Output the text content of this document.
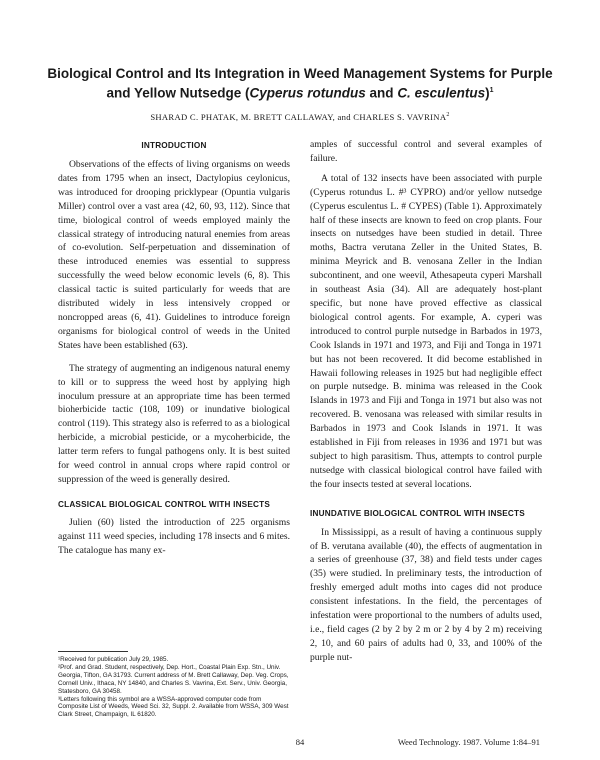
Biological Control and Its Integration in Weed Management Systems for Purple
and Yellow Nutsedge (Cyperus rotundus and C. esculentus)$^1$
SHARAD C. PHATAK, M. BRETT CALLAWAY, and CHARLES S. VAVRINA$^2$
INTRODUCTION

Observations of the effects of living organisms on weeds dates from 1795 when an insect, Dactylopius ceylonicus, was introduced for drooping pricklypear (Opuntia vulgaris Miller) control over a vast area (42, 60, 93, 112). Since that time, biological control of weeds employed mainly the classical strategy of introducing natural enemies from areas of co-evolution. Self-perpetuation and dissemination of these introduced enemies was essential to suppress successfully the weed below economic levels (6, 8). This classical tactic is suited particularly for weeds that are distributed widely in less intensively cropped or noncropped areas (6, 41). Guidelines to introduce foreign organisms for biological control of weeds in the United States have been established (63).

The strategy of augmenting an indigenous natural enemy to kill or to suppress the weed host by applying high inoculum pressure at an appropriate time has been termed bioherbicide tactic (108, 109) or inundative biological control (119). This strategy also is referred to as a biological herbicide, a microbial pesticide, or a mycoherbicide, the latter term refers to fungal pathogens only. It is best suited for weed control in annual crops where rapid control or suppression of the weed is generally desired.

CLASSICAL BIOLOGICAL CONTROL WITH INSECTS

Julien (60) listed the introduction of 225 organisms against 111 weed species, including 178 insects and 6 mites. The catalogue has many ex-

¹Received for publication July 29, 1985.

²Prof. and Grad. Student, respectively, Dep. Hort., Coastal Plain Exp. Stn., Univ. Georgia, Tifton, GA 31793. Current address of M. Brett Callaway, Dep. Veg. Crops, Cornell Univ., Ithaca, NY 14840, and Charles S. Vavrina, Ext. Serv., Univ. Georgia, Statesboro, GA 30458.

³Letters following this symbol are a WSSA-approved computer code from Composite List of Weeds, Weed Sci. 32, Suppl. 2. Available from WSSA, 309 West Clark Street, Champaign, IL 61820.

amples of successful control and several examples of failure.

A total of 132 insects have been associated with purple (Cyperus rotundus L. #³ CYPRO) and/or yellow nutsedge (Cyperus esculentus L. # CYPES) (Table 1). Approximately half of these insects are known to feed on crop plants. Four insects on nutsedges have been studied in detail. Three moths, Bactra verutana Zeller in the United States, B. minima Meyrick and B. venosana Zeller in the Indian subcontinent, and one weevil, Athesapeuta cyperi Marshall in southeast Asia (34). All are adequately host-plant specific, but none have proved effective as classical biological control agents. For example, A. cyperi was introduced to control purple nutsedge in Barbados in 1973, Cook Islands in 1971 and 1973, and Fiji and Tonga in 1971 but has not been recovered. It did become established in Hawaii following releases in 1925 but had negligible effect on purple nutsedge. B. minima was released in the Cook Islands in 1973 and Fiji and Tonga in 1971 but also was not recovered. B. venosana was released with similar results in Barbados in 1973 and Cook Islands in 1971. It was established in Fiji from releases in 1936 and 1971 but was subject to high parasitism. Thus, attempts to control purple nutsedge with classical biological control have failed with the four insects tested at several locations.

INUNDATIVE BIOLOGICAL CONTROL WITH INSECTS

In Mississippi, as a result of having a continuous supply of B. verutana available (40), the effects of augmentation in a series of greenhouse (37, 38) and field tests under cages (35) were studied. In preliminary tests, the introduction of freshly emerged adult moths into cages did not produce consistent infestations. In the field, the percentages of infestation were proportional to the numbers of adults used, i.e., field cages (2 by 2 by 2 m or 2 by 4 by 2 m) receiving 2, 10, and 60 pairs of adults had 0, 33, and 100% of the purple nut-

84	Weed Technology. 1987. Volume 1:84–91
